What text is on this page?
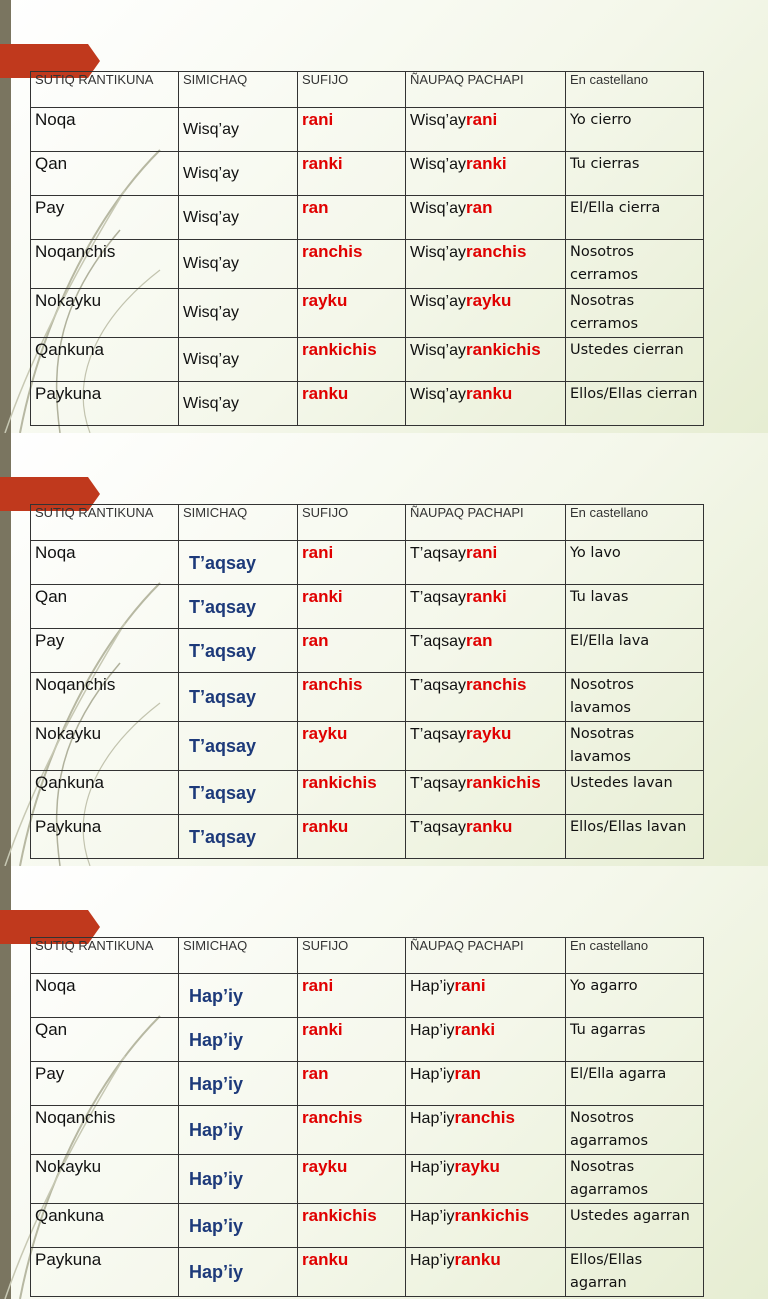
SUTIQ RANTIKUNA	SIMICHAQ	SUFIJO	ÑAUPAQ PACHAPI	En castellano
Noqa	Wisq’ay	rani	Wisq’ayrani	Yo cierro
Qan	Wisq’ay	ranki	Wisq’ayranki	Tu cierras
Pay	Wisq’ay	ran	Wisq’ayran	El/Ella cierra
Noqanchis	Wisq’ay	ranchis	Wisq’ayranchis	Nosotros cerramos
Nokayku	Wisq’ay	rayku	Wisq’ayrayku	Nosotras cerramos
Qankuna	Wisq’ay	rankichis	Wisq’ayrankichis	Ustedes cierran
Paykuna	Wisq’ay	ranku	Wisq’ayranku	Ellos/Ellas cierran
SUTIQ RANTIKUNA	SIMICHAQ	SUFIJO	ÑAUPAQ PACHAPI	En castellano
Noqa	T’aqsay	rani	T’aqsayrani	Yo lavo
Qan	T’aqsay	ranki	T’aqsayranki	Tu lavas
Pay	T’aqsay	ran	T’aqsayran	El/Ella lava
Noqanchis	T’aqsay	ranchis	T’aqsayranchis	Nosotros lavamos
Nokayku	T’aqsay	rayku	T’aqsayrayku	Nosotras lavamos
Qankuna	T’aqsay	rankichis	T’aqsayrankichis	Ustedes lavan
Paykuna	T’aqsay	ranku	T’aqsayranku	Ellos/Ellas lavan
SUTIQ RANTIKUNA	SIMICHAQ	SUFIJO	ÑAUPAQ PACHAPI	En castellano
Noqa	Hap’iy	rani	Hap’iyrani	Yo agarro
Qan	Hap’iy	ranki	Hap’iyranki	Tu agarras
Pay	Hap’iy	ran	Hap’iyran	El/Ella agarra
Noqanchis	Hap’iy	ranchis	Hap’iyranchis	Nosotros agarramos
Nokayku	Hap’iy	rayku	Hap’iyrayku	Nosotras agarramos
Qankuna	Hap’iy	rankichis	Hap’iyrankichis	Ustedes agarran
Paykuna	Hap’iy	ranku	Hap’iyranku	Ellos/Ellas agarran
